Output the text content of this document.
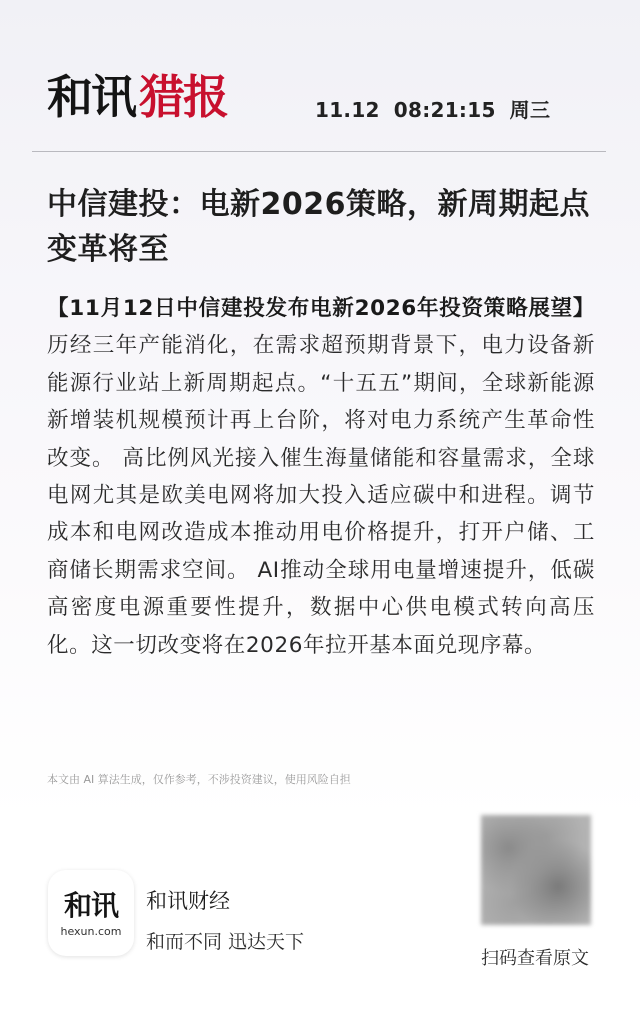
和讯猎报	11.12 08:21:15 周三
中信建投：电新2026策略，新周期起点变革将至
【11月12日中信建投发布电新2026年投资策略展望】 历经三年产能消化，在需求超预期背景下，电力设备新能源行业站上新周期起点。“十五五”期间，全球新能源新增装机规模预计再上台阶，将对电力系统产生革命性改变。 高比例风光接入催生海量储能和容量需求，全球电网尤其是欧美电网将加大投入适应碳中和进程。调节成本和电网改造成本推动用电价格提升，打开户储、工商储长期需求空间。 AI推动全球用电量增速提升，低碳高密度电源重要性提升，数据中心供电模式转向高压化。这一切改变将在2026年拉开基本面兑现序幕。
本文由 AI 算法生成，仅作参考，不涉投资建议，使用风险自担
和讯
hexun.com
和讯财经
和而不同 迅达天下
扫码查看原文
